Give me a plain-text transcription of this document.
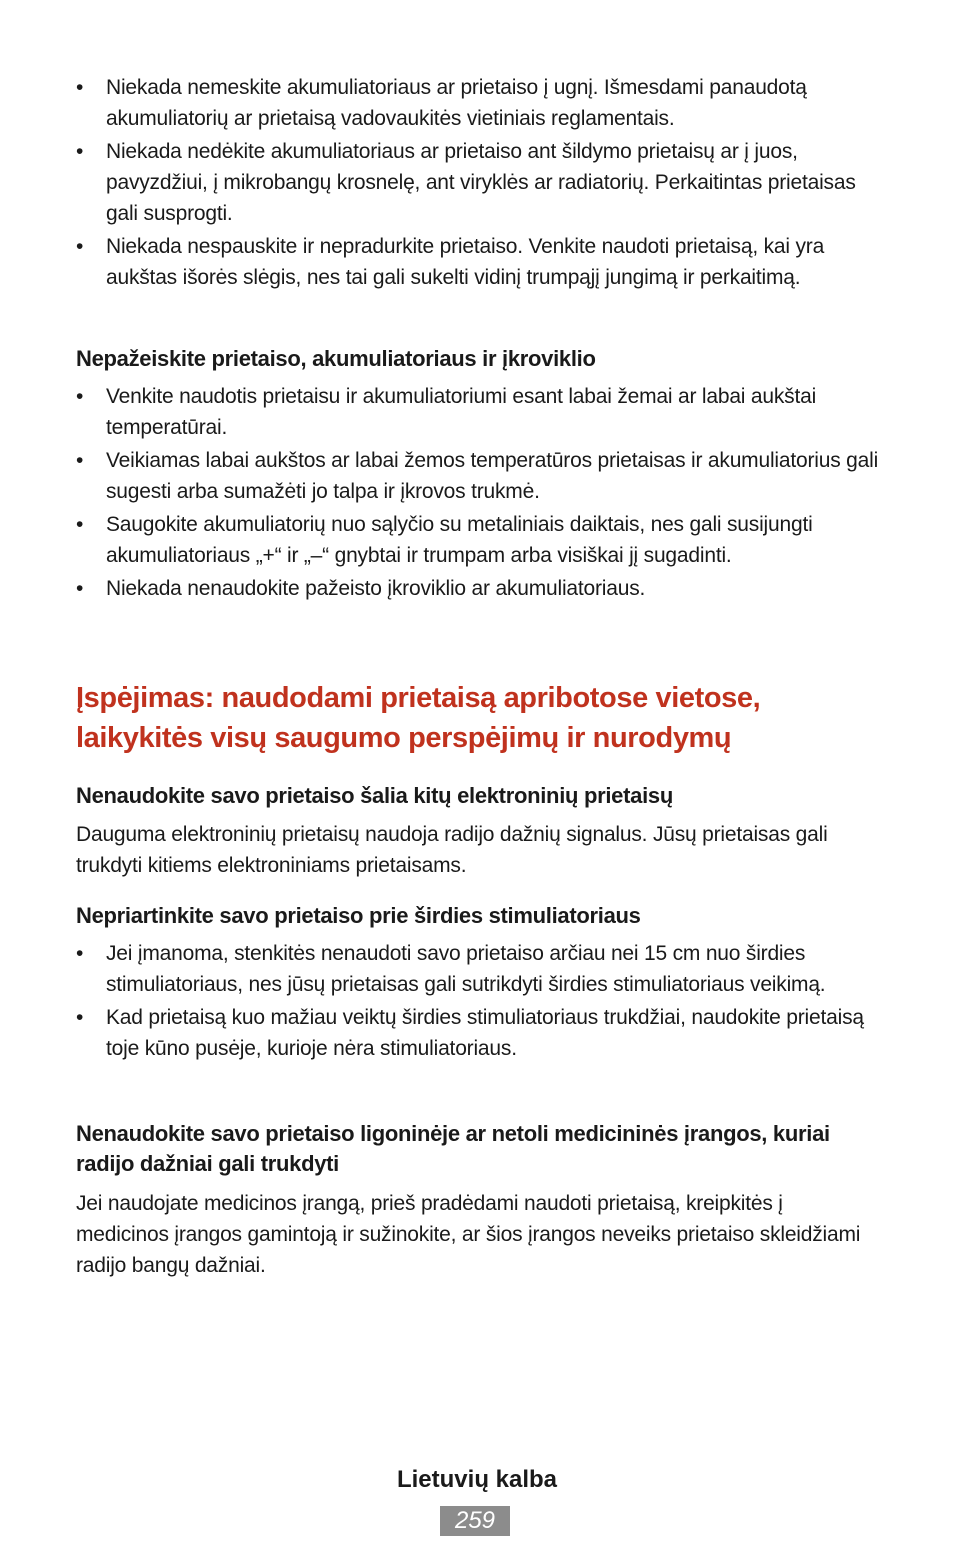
•	Niekada nemeskite akumuliatoriaus ar prietaiso į ugnį. Išmesdami panaudotą akumuliatorių ar prietaisą vadovaukitės vietiniais reglamentais.
•	Niekada nedėkite akumuliatoriaus ar prietaiso ant šildymo prietaisų ar į juos, pavyzdžiui, į mikrobangų krosnelę, ant viryklės ar radiatorių. Perkaitintas prietaisas gali susprogti.
•	Niekada nespauskite ir nepradurkite prietaiso. Venkite naudoti prietaisą, kai yra aukštas išorės slėgis, nes tai gali sukelti vidinį trumpąjį jungimą ir perkaitimą.
Nepažeiskite prietaiso, akumuliatoriaus ir įkroviklio
•	Venkite naudotis prietaisu ir akumuliatoriumi esant labai žemai ar labai aukštai temperatūrai.
•	Veikiamas labai aukštos ar labai žemos temperatūros prietaisas ir akumuliatorius gali sugesti arba sumažėti jo talpa ir įkrovos trukmė.
•	Saugokite akumuliatorių nuo sąlyčio su metaliniais daiktais, nes gali susijungti akumuliatoriaus „+“ ir „–“ gnybtai ir trumpam arba visiškai jį sugadinti.
•	Niekada nenaudokite pažeisto įkroviklio ar akumuliatoriaus.

Įspėjimas: naudodami prietaisą apribotose vietose,

laikykitės visų saugumo perspėjimų ir nurodymų

Nenaudokite savo prietaiso šalia kitų elektroninių prietaisų

Dauguma elektroninių prietaisų naudoja radijo dažnių signalus. Jūsų prietaisas gali trukdyti kitiems elektroniniams prietaisams.

Nepriartinkite savo prietaiso prie širdies stimuliatoriaus
•	Jei įmanoma, stenkitės nenaudoti savo prietaiso arčiau nei 15 cm nuo širdies stimuliatoriaus, nes jūsų prietaisas gali sutrikdyti širdies stimuliatoriaus veikimą.
•	Kad prietaisą kuo mažiau veiktų širdies stimuliatoriaus trukdžiai, naudokite prietaisą toje kūno pusėje, kurioje nėra stimuliatoriaus.
Nenaudokite savo prietaiso ligoninėje ar netoli medicininės įrangos, kuriai radijo dažniai gali trukdyti

Jei naudojate medicinos įrangą, prieš pradėdami naudoti prietaisą, kreipkitės į medicinos įrangos gamintoją ir sužinokite, ar šios įrangos neveiks prietaiso skleidžiami radijo bangų dažniai.

Lietuvių kalba
259
